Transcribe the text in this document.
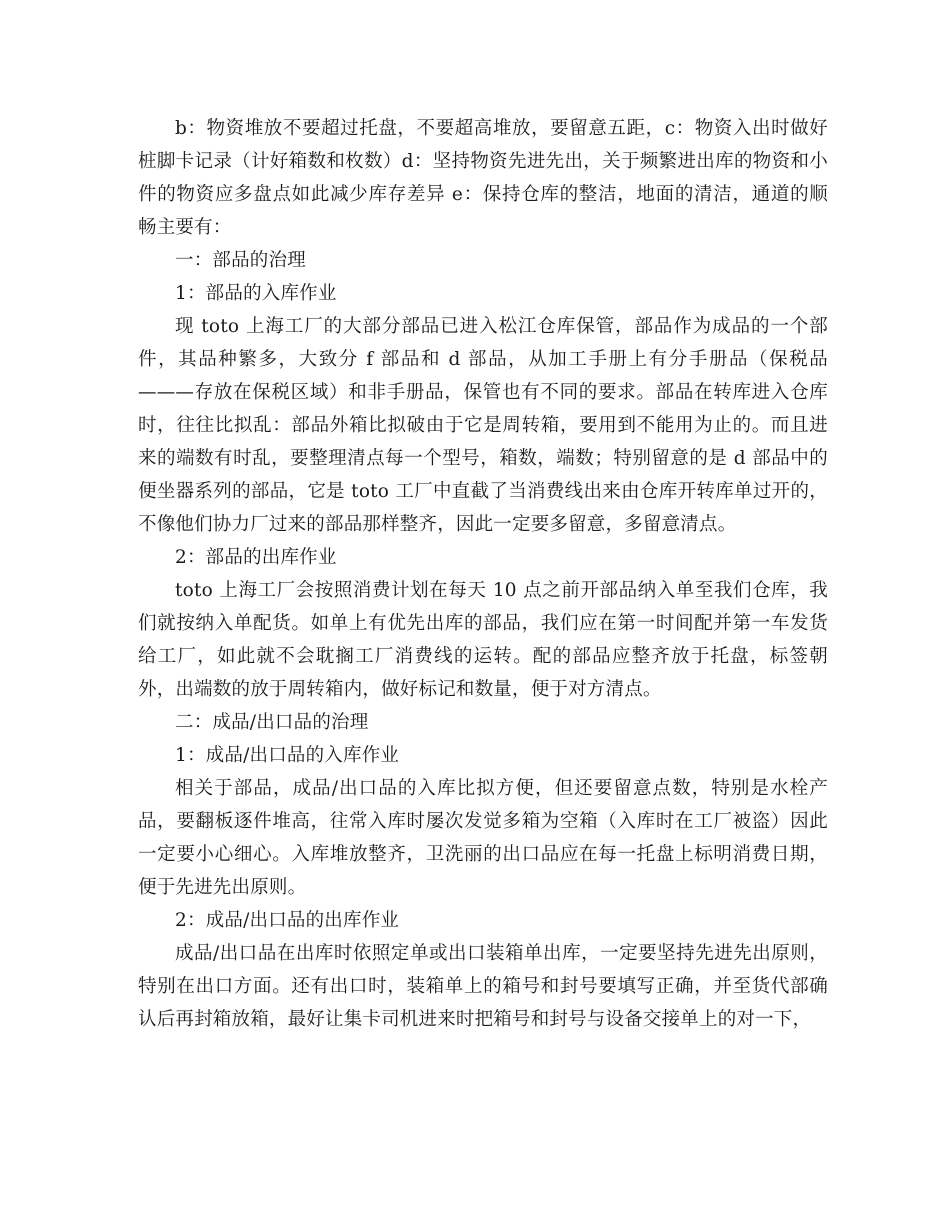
b：物资堆放不要超过托盘，不要超高堆放，要留意五距，c：物资入出时做好桩脚卡记录（计好箱数和枚数）d：坚持物资先进先出，关于频繁进出库的物资和小件的物资应多盘点如此减少库存差异 e：保持仓库的整洁，地面的清洁，通道的顺畅主要有：

一：部品的治理

1：部品的入库作业

现 toto 上海工厂的大部分部品已进入松江仓库保管，部品作为成品的一个部件，其品种繁多，大致分 f 部品和 d 部品，从加工手册上有分手册品（保税品———存放在保税区域）和非手册品，保管也有不同的要求。部品在转库进入仓库时，往往比拟乱：部品外箱比拟破由于它是周转箱，要用到不能用为止的。而且进来的端数有时乱，要整理清点每一个型号，箱数，端数；特别留意的是 d 部品中的便坐器系列的部品，它是 toto 工厂中直截了当消费线出来由仓库开转库单过开的，不像他们协力厂过来的部品那样整齐，因此一定要多留意，多留意清点。

2：部品的出库作业

toto 上海工厂会按照消费计划在每天 10 点之前开部品纳入单至我们仓库，我们就按纳入单配货。如单上有优先出库的部品，我们应在第一时间配并第一车发货给工厂，如此就不会耽搁工厂消费线的运转。配的部品应整齐放于托盘，标签朝外，出端数的放于周转箱内，做好标记和数量，便于对方清点。

二：成品/出口品的治理

1：成品/出口品的入库作业

相关于部品，成品/出口品的入库比拟方便，但还要留意点数，特别是水栓产品，要翻板逐件堆高，往常入库时屡次发觉多箱为空箱（入库时在工厂被盗）因此一定要小心细心。入库堆放整齐，卫洗丽的出口品应在每一托盘上标明消费日期，便于先进先出原则。

2：成品/出口品的出库作业

成品/出口品在出库时依照定单或出口装箱单出库，一定要坚持先进先出原则，特别在出口方面。还有出口时，装箱单上的箱号和封号要填写正确，并至货代部确认后再封箱放箱，最好让集卡司机进来时把箱号和封号与设备交接单上的对一下，
